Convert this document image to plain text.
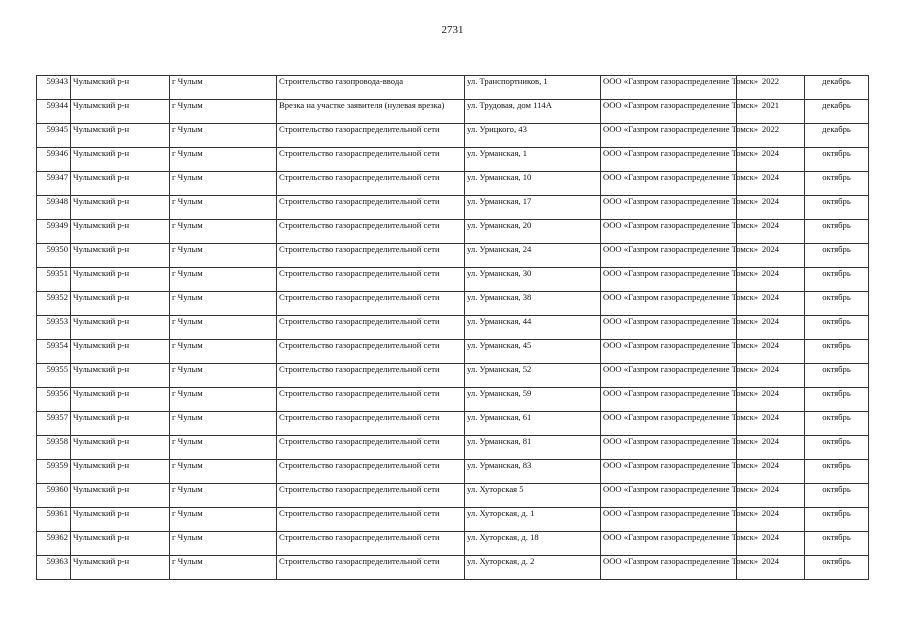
2731
59343	Чулымский р-н	г Чулым	Строительство газопровода-ввода	ул. Транспортников, 1	ООО «Газпром газораспределение Томск»	2022	декабрь
59344	Чулымский р-н	г Чулым	Врезка на участке заявителя (нулевая врезка)	ул. Трудовая, дом 114А	ООО «Газпром газораспределение Томск»	2021	декабрь
59345	Чулымский р-н	г Чулым	Строительство газораспределительной сети	ул. Урицкого, 43	ООО «Газпром газораспределение Томск»	2022	декабрь
59346	Чулымский р-н	г Чулым	Строительство газораспределительной сети	ул. Урманская, 1	ООО «Газпром газораспределение Томск»	2024	октябрь
59347	Чулымский р-н	г Чулым	Строительство газораспределительной сети	ул. Урманская, 10	ООО «Газпром газораспределение Томск»	2024	октябрь
59348	Чулымский р-н	г Чулым	Строительство газораспределительной сети	ул. Урманская, 17	ООО «Газпром газораспределение Томск»	2024	октябрь
59349	Чулымский р-н	г Чулым	Строительство газораспределительной сети	ул. Урманская, 20	ООО «Газпром газораспределение Томск»	2024	октябрь
59350	Чулымский р-н	г Чулым	Строительство газораспределительной сети	ул. Урманская, 24	ООО «Газпром газораспределение Томск»	2024	октябрь
59351	Чулымский р-н	г Чулым	Строительство газораспределительной сети	ул. Урманская, 30	ООО «Газпром газораспределение Томск»	2024	октябрь
59352	Чулымский р-н	г Чулым	Строительство газораспределительной сети	ул. Урманская, 38	ООО «Газпром газораспределение Томск»	2024	октябрь
59353	Чулымский р-н	г Чулым	Строительство газораспределительной сети	ул. Урманская, 44	ООО «Газпром газораспределение Томск»	2024	октябрь
59354	Чулымский р-н	г Чулым	Строительство газораспределительной сети	ул. Урманская, 45	ООО «Газпром газораспределение Томск»	2024	октябрь
59355	Чулымский р-н	г Чулым	Строительство газораспределительной сети	ул. Урманская, 52	ООО «Газпром газораспределение Томск»	2024	октябрь
59356	Чулымский р-н	г Чулым	Строительство газораспределительной сети	ул. Урманская, 59	ООО «Газпром газораспределение Томск»	2024	октябрь
59357	Чулымский р-н	г Чулым	Строительство газораспределительной сети	ул. Урманская, 61	ООО «Газпром газораспределение Томск»	2024	октябрь
59358	Чулымский р-н	г Чулым	Строительство газораспределительной сети	ул. Урманская, 81	ООО «Газпром газораспределение Томск»	2024	октябрь
59359	Чулымский р-н	г Чулым	Строительство газораспределительной сети	ул. Урманская, 83	ООО «Газпром газораспределение Томск»	2024	октябрь
59360	Чулымский р-н	г Чулым	Строительство газораспределительной сети	ул. Хуторская 5	ООО «Газпром газораспределение Томск»	2024	октябрь
59361	Чулымский р-н	г Чулым	Строительство газораспределительной сети	ул. Хуторская, д. 1	ООО «Газпром газораспределение Томск»	2024	октябрь
59362	Чулымский р-н	г Чулым	Строительство газораспределительной сети	ул. Хуторская, д. 18	ООО «Газпром газораспределение Томск»	2024	октябрь
59363	Чулымский р-н	г Чулым	Строительство газораспределительной сети	ул. Хуторская, д. 2	ООО «Газпром газораспределение Томск»	2024	октябрь
